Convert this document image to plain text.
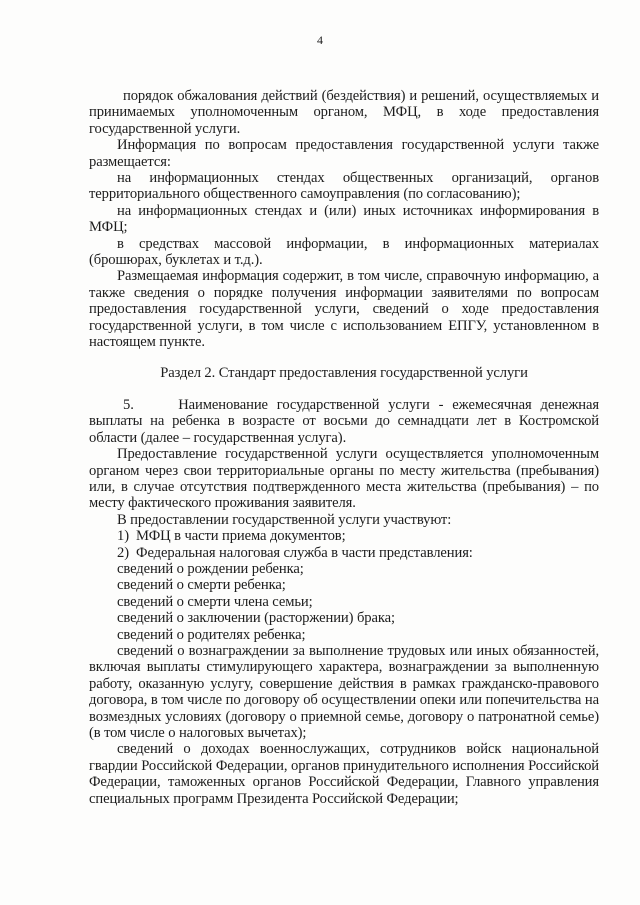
4

порядок обжалования действий (бездействия) и решений, осуществляемых и принимаемых уполномоченным органом, МФЦ, в ходе предоставления государственной услуги.

Информация по вопросам предоставления государственной услуги также размещается:

на информационных стендах общественных организаций, органов территориального общественного самоуправления (по согласованию);

на информационных стендах и (или) иных источниках информирования в МФЦ;

в средствах массовой информации, в информационных материалах (брошюрах, буклетах и т.д.).

Размещаемая информация содержит, в том числе, справочную информацию, а также сведения о порядке получения информации заявителями по вопросам предоставления государственной услуги, сведений о ходе предоставления государственной услуги, в том числе с использованием ЕПГУ, установленном в настоящем пункте.

Раздел 2. Стандарт предоставления государственной услуги

5.     Наименование государственной услуги - ежемесячная денежная выплаты на ребенка в возрасте от восьми до семнадцати лет в Костромской области (далее – государственная услуга).

Предоставление государственной услуги осуществляется уполномоченным органом через свои территориальные органы по месту жительства (пребывания) или, в случае отсутствия подтвержденного места жительства (пребывания) – по месту фактического проживания заявителя.

В предоставлении государственной услуги участвуют:

1)  МФЦ в части приема документов;

2)  Федеральная налоговая служба в части представления:

сведений о рождении ребенка;

сведений о смерти ребенка;

сведений о смерти члена семьи;

сведений о заключении (расторжении) брака;

сведений о родителях ребенка;

сведений о вознаграждении за выполнение трудовых или иных обязанностей, включая выплаты стимулирующего характера, вознаграждении за выполненную работу, оказанную услугу, совершение действия в рамках гражданско-правового договора, в том числе по договору об осуществлении опеки или попечительства на возмездных условиях (договору о приемной семье, договору о патронатной семье) (в том числе о налоговых вычетах);

сведений о доходах военнослужащих, сотрудников войск национальной гвардии Российской Федерации, органов принудительного исполнения Российской Федерации, таможенных органов Российской Федерации, Главного управления специальных программ Президента Российской Федерации;
